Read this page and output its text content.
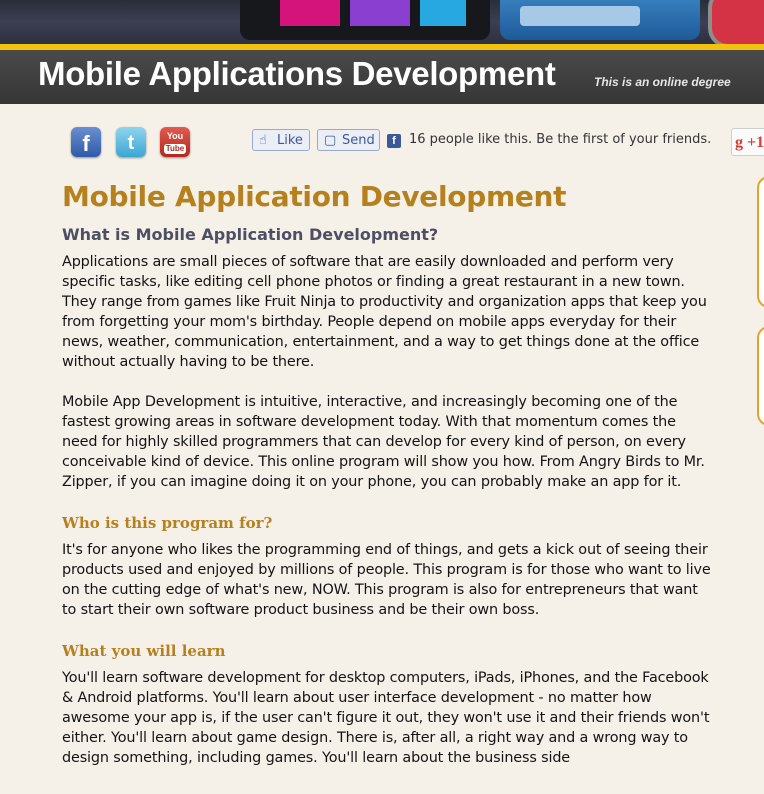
Mobile Applications Development	This is an online degree
f	t	You
Tube
☝ Like	▢ Send	f	16 people like this. Be the first of your friends. g +1
Mobile Application Development
What is Mobile Application Development?

Applications are small pieces of software that are easily downloaded and perform very specific tasks, like editing cell phone photos or finding a great restaurant in a new town. They range from games like Fruit Ninja to productivity and organization apps that keep you from forgetting your mom's birthday. People depend on mobile apps everyday for their news, weather, communication, entertainment, and a way to get things done at the office without actually having to be there.

Mobile App Development is intuitive, interactive, and increasingly becoming one of the fastest growing areas in software development today. With that momentum comes the need for highly skilled programmers that can develop for every kind of person, on every conceivable kind of device. This online program will show you how. From Angry Birds to Mr. Zipper, if you can imagine doing it on your phone, you can probably make an app for it.

Who is this program for?

It's for anyone who likes the programming end of things, and gets a kick out of seeing their products used and enjoyed by millions of people. This program is for those who want to live on the cutting edge of what's new, NOW. This program is also for entrepreneurs that want to start their own software product business and be their own boss.

What you will learn

You'll learn software development for desktop computers, iPads, iPhones, and the Facebook & Android platforms. You'll learn about user interface development - no matter how awesome your app is, if the user can't figure it out, they won't use it and their friends won't either. You'll learn about game design. There is, after all, a right way and a wrong way to design something, including games. You'll learn about the business side
